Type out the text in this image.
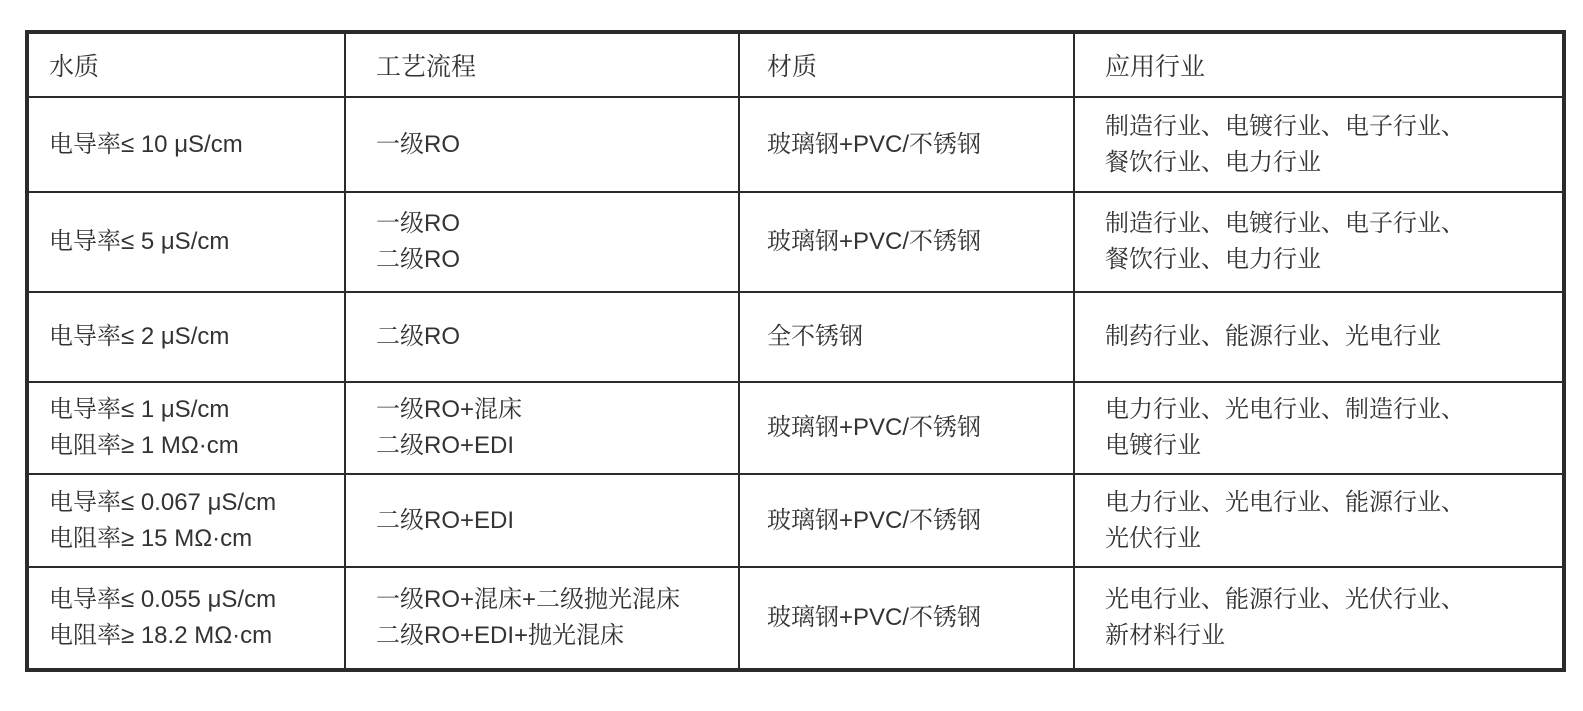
水质	工艺流程	材质	应用行业

电导率≤ 10 μS/cm	一级RO	玻璃钢+PVC/不锈钢	制造行业、电镀行业、电子行业、
餐饮行业、电力行业

电导率≤ 5 μS/cm	一级RO
二级RO	玻璃钢+PVC/不锈钢	制造行业、电镀行业、电子行业、
餐饮行业、电力行业

电导率≤ 2 μS/cm	二级RO	全不锈钢	制药行业、能源行业、光电行业

电导率≤ 1 μS/cm
电阻率≥ 1 MΩ·cm	一级RO+混床
二级RO+EDI	玻璃钢+PVC/不锈钢	电力行业、光电行业、制造行业、
电镀行业

电导率≤ 0.067 μS/cm
电阻率≥ 15 MΩ·cm	二级RO+EDI	玻璃钢+PVC/不锈钢	电力行业、光电行业、能源行业、
光伏行业

电导率≤ 0.055 μS/cm
电阻率≥ 18.2 MΩ·cm	一级RO+混床+二级抛光混床
二级RO+EDI+抛光混床	玻璃钢+PVC/不锈钢	光电行业、能源行业、光伏行业、
新材料行业
